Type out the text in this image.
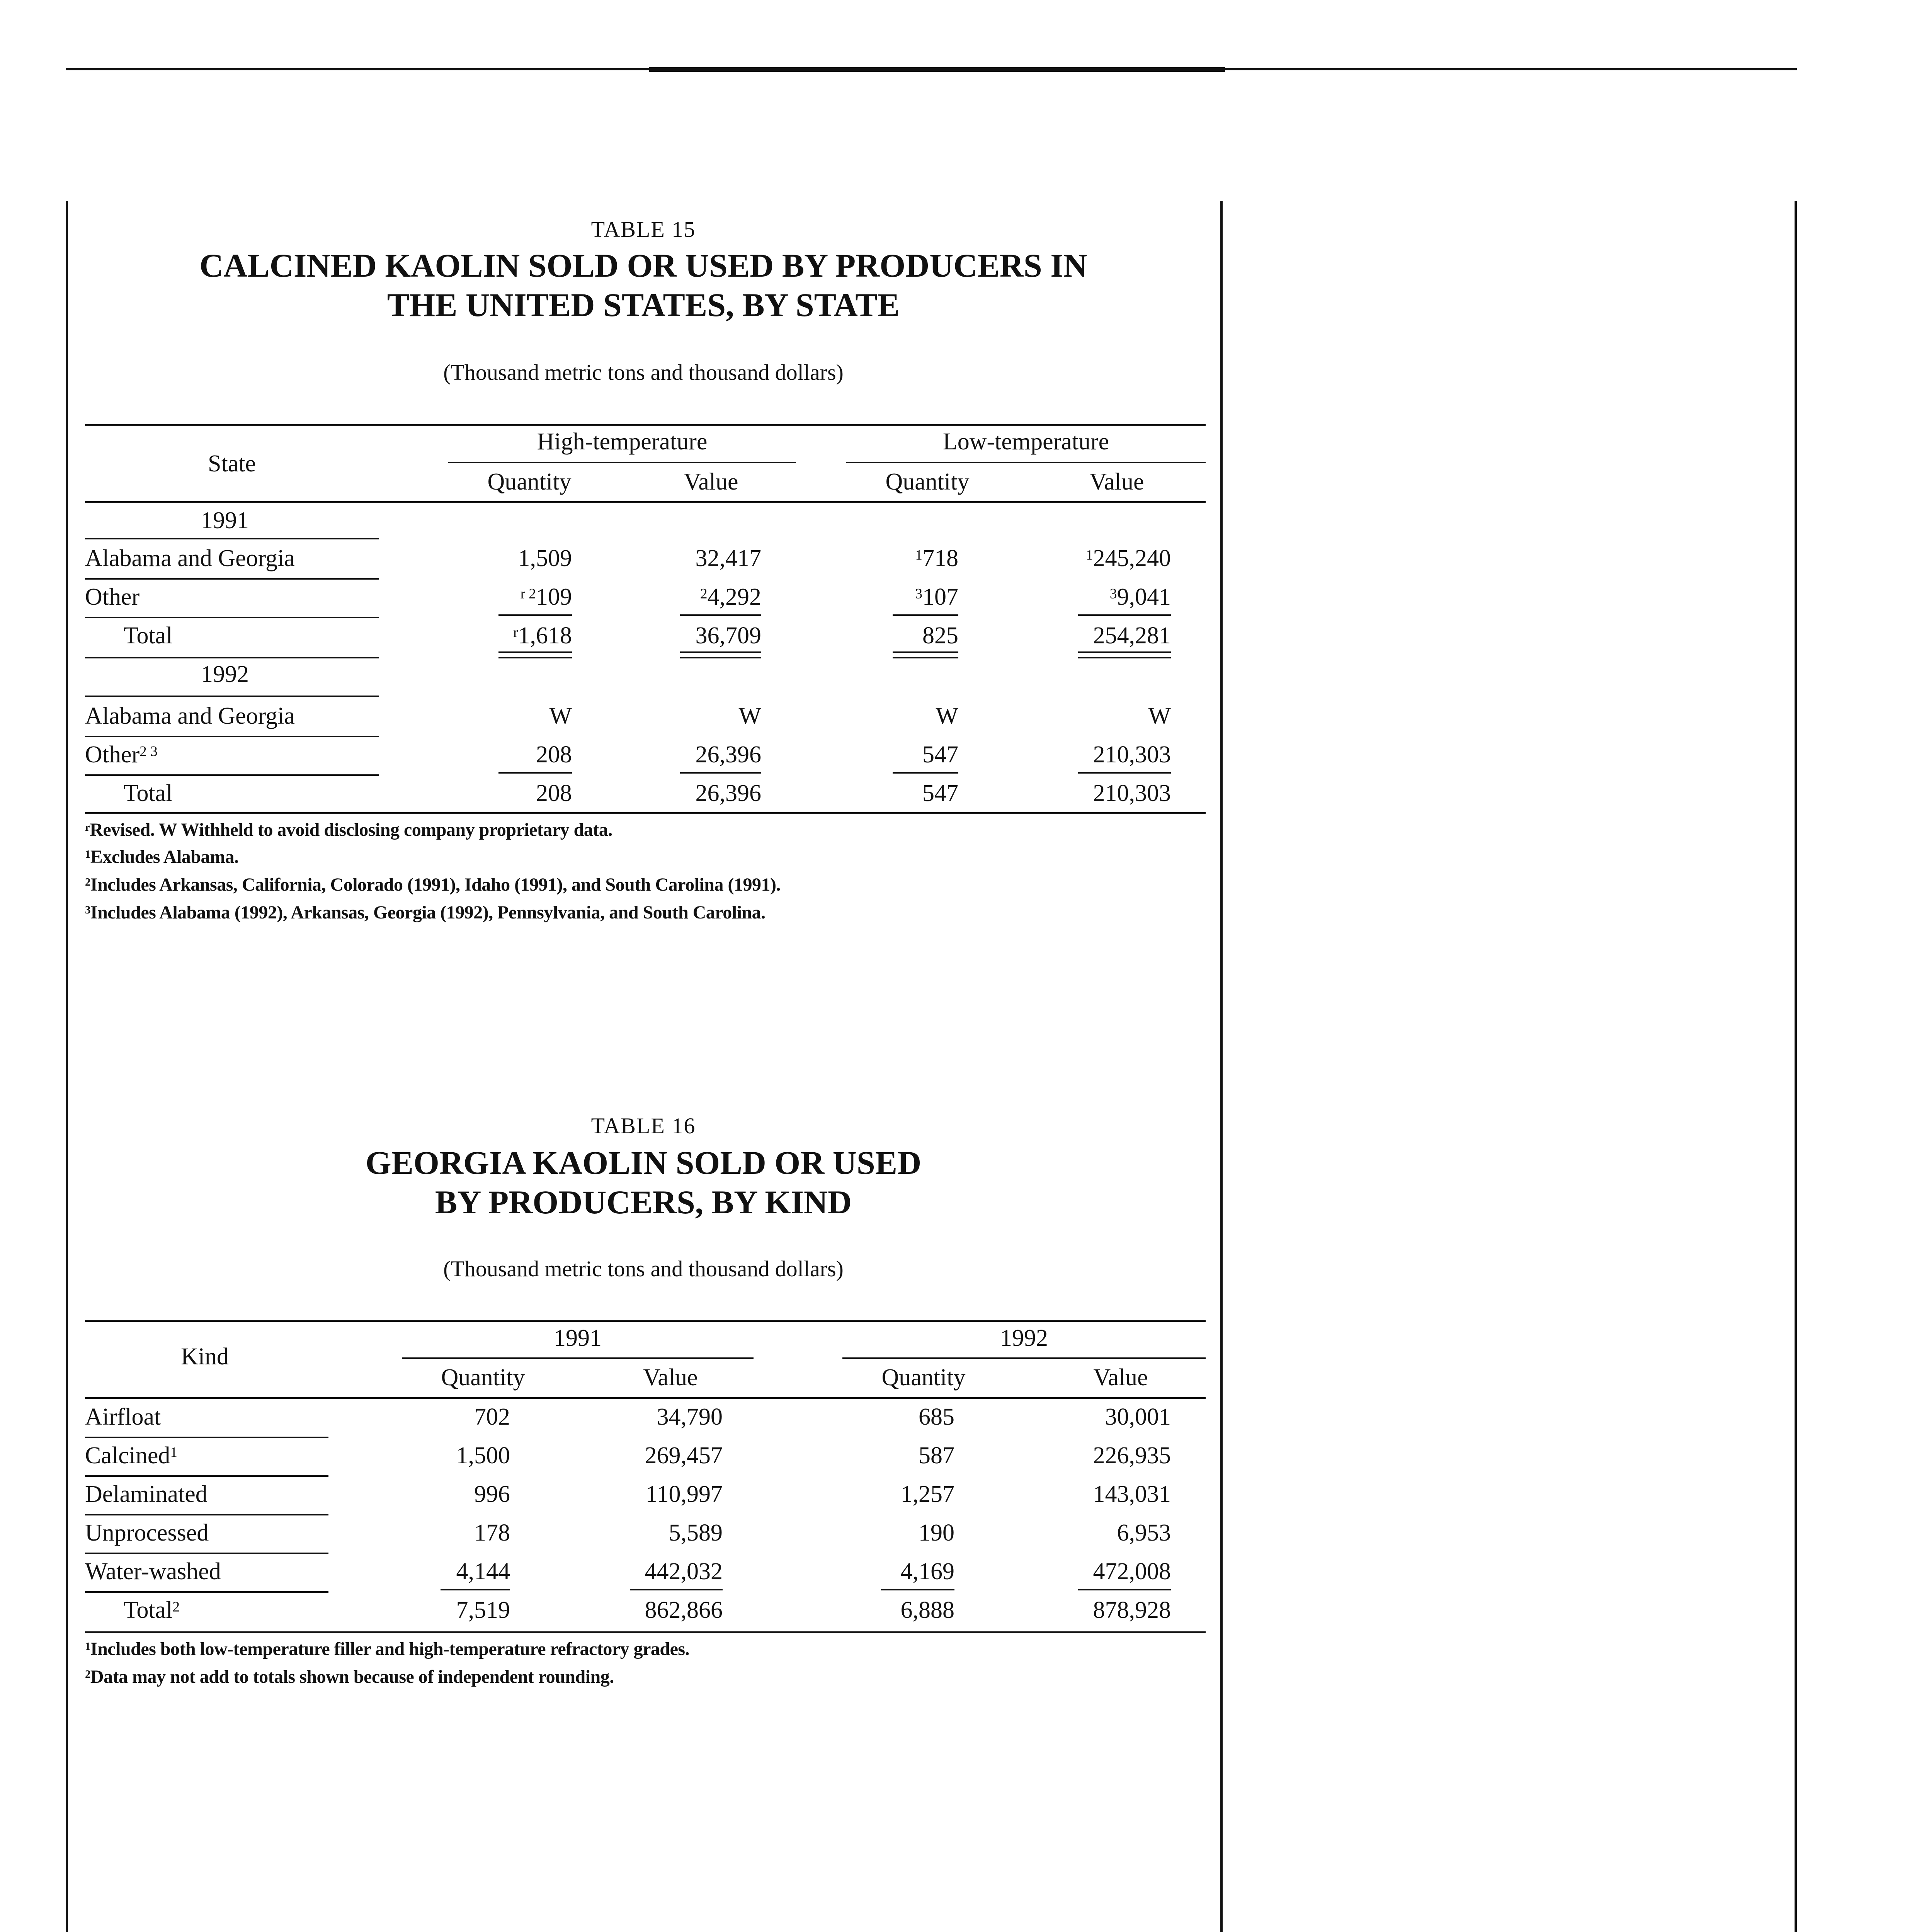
TABLE 15
CALCINED KAOLIN SOLD OR USED BY PRODUCERS IN
THE UNITED STATES, BY STATE
(Thousand metric tons and thousand dollars)
State
High-temperature	Low-temperature
Quantity	Value	Quantity	Value
1991
Alabama and Georgia	1,509	32,417	$^1$718	$^1$245,240
Other	$^{r 2}$109	$^2$4,292	$^3$107	$^3$9,041
Total	$^r$1,618	36,709	825	254,281
1992
Alabama and Georgia	W	W	W	W
Other$^{2 3}$	208	26,396	547	210,303
Total	208	26,396	547	210,303
$^r$Revised. W Withheld to avoid disclosing company proprietary data.
$^1$Excludes Alabama.
$^2$Includes Arkansas, California, Colorado (1991), Idaho (1991), and South Carolina (1991).
$^3$Includes Alabama (1992), Arkansas, Georgia (1992), Pennsylvania, and South Carolina.
TABLE 16
GEORGIA KAOLIN SOLD OR USED
BY PRODUCERS, BY KIND
(Thousand metric tons and thousand dollars)
Kind
1991	1992
Quantity	Value	Quantity	Value
Airfloat	702	34,790	685	30,001
Calcined$^1$	1,500	269,457	587	226,935
Delaminated	996	110,997	1,257	143,031
Unprocessed	178	5,589	190	6,953
Water-washed	4,144	442,032	4,169	472,008
Total$^2$	7,519	862,866	6,888	878,928
$^1$Includes both low-temperature filler and high-temperature refractory grades.
$^2$Data may not add to totals shown because of independent rounding.
